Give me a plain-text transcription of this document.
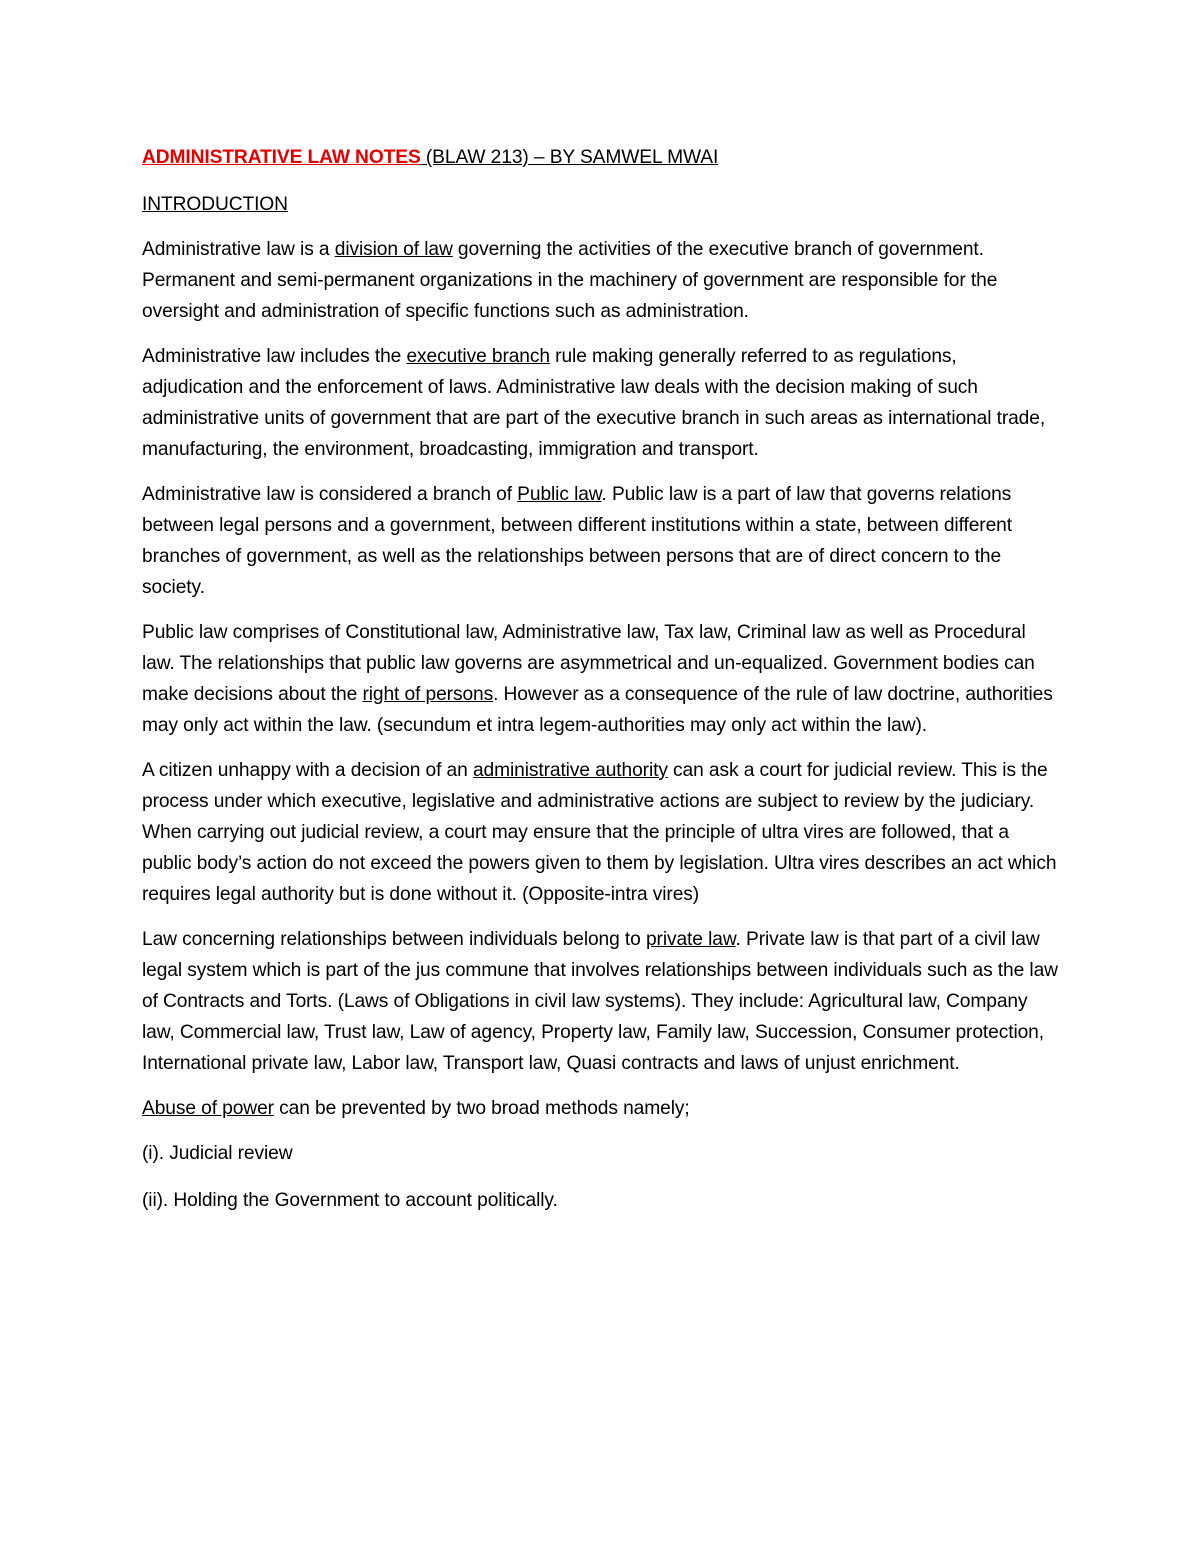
ADMINISTRATIVE LAW NOTES (BLAW 213) – BY SAMWEL MWAI
INTRODUCTION

Administrative law is a division of law governing the activities of the executive branch of government. Permanent and semi-permanent organizations in the machinery of government are responsible for the oversight and administration of specific functions such as administration.

Administrative law includes the executive branch rule making generally referred to as regulations, adjudication and the enforcement of laws. Administrative law deals with the decision making of such administrative units of government that are part of the executive branch in such areas as international trade, manufacturing, the environment, broadcasting, immigration and transport.

Administrative law is considered a branch of Public law. Public law is a part of law that governs relations between legal persons and a government, between different institutions within a state, between different branches of government, as well as the relationships between persons that are of direct concern to the society.

Public law comprises of Constitutional law, Administrative law, Tax law, Criminal law as well as Procedural law. The relationships that public law governs are asymmetrical and un-equalized. Government bodies can make decisions about the right of persons. However as a consequence of the rule of law doctrine, authorities may only act within the law. (secundum et intra legem-authorities may only act within the law).

A citizen unhappy with a decision of an administrative authority can ask a court for judicial review. This is the process under which executive, legislative and administrative actions are subject to review by the judiciary. When carrying out judicial review, a court may ensure that the principle of ultra vires are followed, that a public body’s action do not exceed the powers given to them by legislation. Ultra vires describes an act which requires legal authority but is done without it. (Opposite-intra vires)

Law concerning relationships between individuals belong to private law. Private law is that part of a civil law legal system which is part of the jus commune that involves relationships between individuals such as the law of Contracts and Torts. (Laws of Obligations in civil law systems). They include: Agricultural law, Company law, Commercial law, Trust law, Law of agency, Property law, Family law, Succession, Consumer protection, International private law, Labor law, Transport law, Quasi contracts and laws of unjust enrichment.

Abuse of power can be prevented by two broad methods namely;

(i). Judicial review

(ii). Holding the Government to account politically.
